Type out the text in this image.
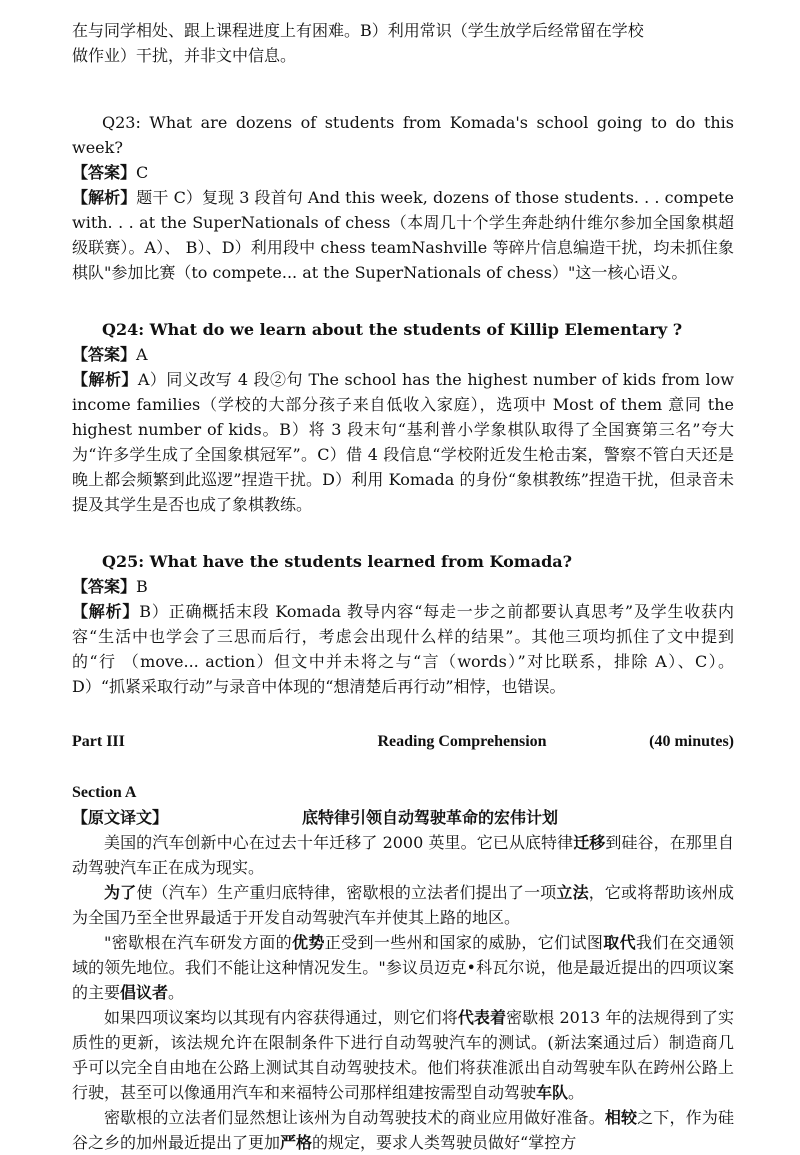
在与同学相处、跟上课程进度上有困难。B）利用常识（学生放学后经常留在学校

做作业）干扰，并非文中信息。

Q23: What are dozens of students from Komada's school going to do this week?

【答案】C

【解析】题干 C）复现 3 段首句 And this week, dozens of those students. . . compete with. . . at the SuperNationals of chess（本周几十个学生奔赴纳什维尔参加全国象棋超级联赛）。A）、 B）、D）利用段中 chess teamNashville 等碎片信息编造干扰，均未抓住象棋队"参加比赛（to compete... at the SuperNationals of chess）"这一核心语义。

Q24: What do we learn about the students of Killip Elementary ?

【答案】A

【解析】A）同义改写 4 段②句 The school has the highest number of kids from low income families（学校的大部分孩子来自低收入家庭），选项中 Most of them 意同 the highest number of kids。B）将 3 段末句“基利普小学象棋队取得了全国赛第三名”夸大为“许多学生成了全国象棋冠军”。C）借 4 段信息“学校附近发生枪击案，警察不管白天还是晚上都会频繁到此巡逻”捏造干扰。D）利用 Komada 的身份“象棋教练”捏造干扰，但录音未提及其学生是否也成了象棋教练。

Q25: What have the students learned from Komada?

【答案】B

【解析】B）正确概括末段 Komada 教导内容“每走一步之前都要认真思考”及学生收获内容“生活中也学会了三思而后行，考虑会出现什么样的结果”。其他三项均抓住了文中提到的“行 （move... action）但文中并未将之与“言（words）”对比联系，排除 A）、C）。D）“抓紧采取行动”与录音中体现的“想清楚后再行动”相悖，也错误。

Part III	Reading Comprehension	(40 minutes)
Section A
【原文译文】	底特律引领自动驾驶革命的宏伟计划

美国的汽车创新中心在过去十年迁移了 2000 英里。它已从底特律迁移到硅谷，在那里自动驾驶汽车正在成为现实。

为了使（汽车）生产重归底特律，密歇根的立法者们提出了一项立法，它或将帮助该州成为全国乃至全世界最适于开发自动驾驶汽车并使其上路的地区。

"密歇根在汽车研发方面的优势正受到一些州和国家的威胁，它们试图取代我们在交通领域的领先地位。我们不能让这种情况发生。"参议员迈克•科瓦尔说，他是最近提出的四项议案的主要倡议者。

如果四项议案均以其现有内容获得通过，则它们将代表着密歇根 2013 年的法规得到了实质性的更新，该法规允许在限制条件下进行自动驾驶汽车的测试。(新法案通过后）制造商几乎可以完全自由地在公路上测试其自动驾驶技术。他们将获准派出自动驾驶车队在跨州公路上行驶，甚至可以像通用汽车和来福特公司那样组建按需型自动驾驶车队。

密歇根的立法者们显然想让该州为自动驾驶技术的商业应用做好准备。相较之下，作为硅谷之乡的加州最近提出了更加严格的规定，要求人类驾驶员做好“掌控方
